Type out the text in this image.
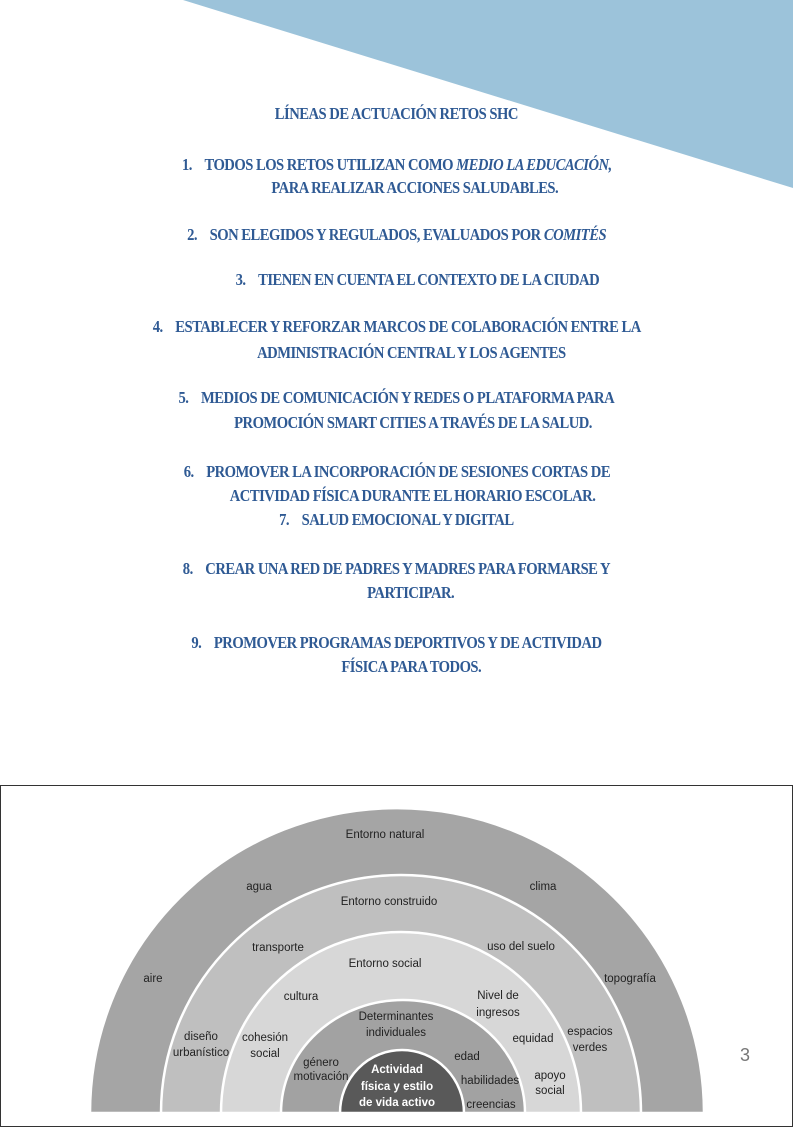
LÍNEAS DE ACTUACIÓN RETOS SHC
1. TODOS LOS RETOS UTILIZAN COMO MEDIO LA EDUCACIÓN,
PARA REALIZAR ACCIONES SALUDABLES.
2. SON ELEGIDOS Y REGULADOS, EVALUADOS POR COMITÉS
3. TIENEN EN CUENTA EL CONTEXTO DE LA CIUDAD
4. ESTABLECER Y REFORZAR MARCOS DE COLABORACIÓN ENTRE LA
ADMINISTRACIÓN CENTRAL Y LOS AGENTES
5. MEDIOS DE COMUNICACIÓN Y REDES O PLATAFORMA PARA
PROMOCIÓN SMART CITIES A TRAVÉS DE LA SALUD.
6. PROMOVER LA INCORPORACIÓN DE SESIONES CORTAS DE
ACTIVIDAD FÍSICA DURANTE EL HORARIO ESCOLAR.
7. SALUD EMOCIONAL Y DIGITAL
8. CREAR UNA RED DE PADRES Y MADRES PARA FORMARSE Y
PARTICIPAR.
9. PROMOVER PROGRAMAS DEPORTIVOS Y DE ACTIVIDAD
FÍSICA PARA TODOS.
Entorno natural
Entorno construido
Entorno social
Determinantes
individuales
agua	clima
aire	topografía
transporte	uso del suelo
diseño
urbanístico
espacios
verdes
cultura	Nivel de
ingresos
cohesión
social
equidad
apoyo
social
género
motivación
edad
habilidades
creencias
Actividad
física y estilo
de vida activo
3
